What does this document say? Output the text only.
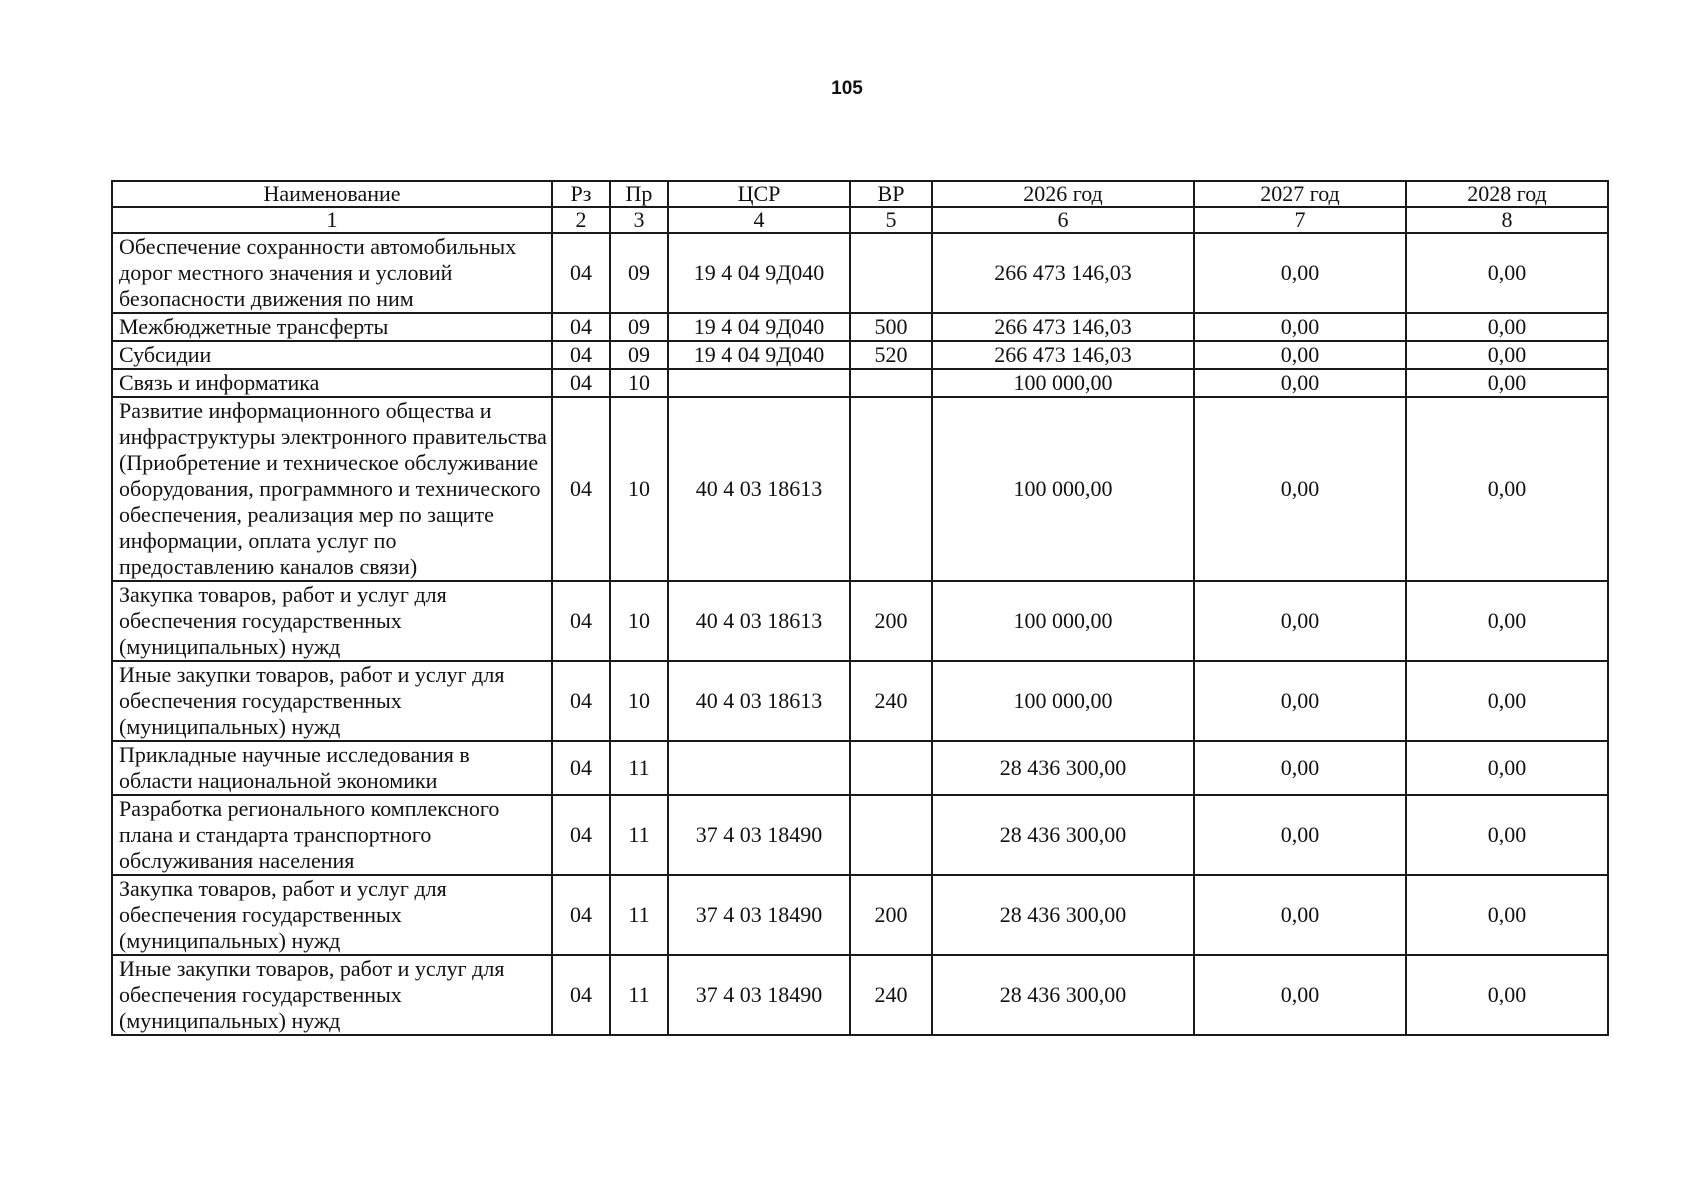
105
Наименование	Рз	Пр	ЦСР	ВР	2026 год	2027 год	2028 год
1	2	3	4	5	6	7	8
Обеспечение сохранности автомобильных дорог местного значения и условий безопасности движения по ним	04	09	19 4 04 9Д040		266 473 146,03	0,00	0,00
Межбюджетные трансферты	04	09	19 4 04 9Д040	500	266 473 146,03	0,00	0,00
Субсидии	04	09	19 4 04 9Д040	520	266 473 146,03	0,00	0,00
Связь и информатика	04	10			100 000,00	0,00	0,00
Развитие информационного общества и инфраструктуры электронного правительства (Приобретение и техническое обслуживание оборудования, программного и технического обеспечения, реализация мер по защите информации, оплата услуг по предоставлению каналов связи)	04	10	40 4 03 18613		100 000,00	0,00	0,00
Закупка товаров, работ и услуг для обеспечения государственных (муниципальных) нужд	04	10	40 4 03 18613	200	100 000,00	0,00	0,00
Иные закупки товаров, работ и услуг для обеспечения государственных (муниципальных) нужд	04	10	40 4 03 18613	240	100 000,00	0,00	0,00
Прикладные научные исследования в области национальной экономики	04	11			28 436 300,00	0,00	0,00
Разработка регионального комплексного плана и стандарта транспортного обслуживания населения	04	11	37 4 03 18490		28 436 300,00	0,00	0,00
Закупка товаров, работ и услуг для обеспечения государственных (муниципальных) нужд	04	11	37 4 03 18490	200	28 436 300,00	0,00	0,00
Иные закупки товаров, работ и услуг для обеспечения государственных (муниципальных) нужд	04	11	37 4 03 18490	240	28 436 300,00	0,00	0,00
